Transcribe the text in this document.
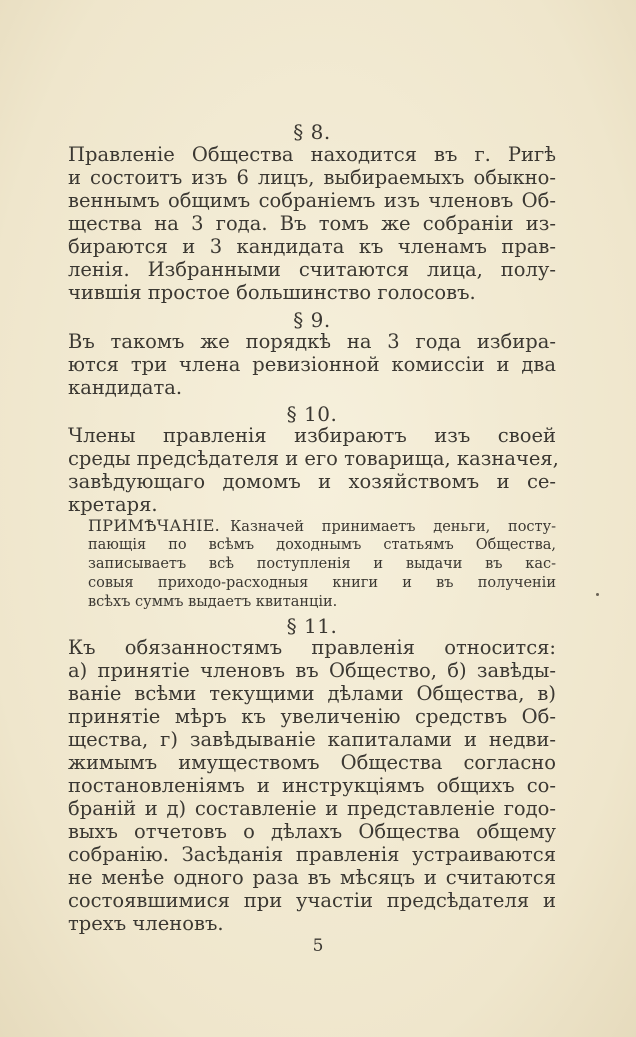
§ 8.
Правленіе Общества находится въ г. Ригѣ
и состоитъ изъ 6 лицъ, выбираемыхъ обыкно-
веннымъ общимъ собраніемъ изъ членовъ Об-
щества на 3 года. Въ томъ же собраніи из-
бираются и 3 кандидата къ членамъ прав-
ленія. Избранными считаются лица, полу-
чившія простое большинство голосовъ.
§ 9.
Въ такомъ же порядкѣ на 3 года избира-
ются три члена ревизіонной комиссіи и два
кандидата.
§ 10.
Члены правленія избираютъ изъ своей
среды предсѣдателя и его товарища, казначея,
завѣдующаго домомъ и хозяйствомъ и се-
кретаря.
ПРИМѢЧАНІЕ. Казначей принимаетъ деньги, посту-
пающія по всѣмъ доходнымъ статьямъ Общества,
записываетъ всѣ поступленія и выдачи въ кас-
совыя приходо-расходныя книги и въ полученіи
всѣхъ суммъ выдаетъ квитанціи.
§ 11.
Къ обязанностямъ правленія относится:
а) принятіе членовъ въ Общество, б) завѣды-
ваніе всѣми текущими дѣлами Общества, в)
принятіе мѣръ къ увеличенію средствъ Об-
щества, г) завѣдываніе капиталами и недви-
жимымъ имуществомъ Общества согласно
постановленіямъ и инструкціямъ общихъ со-
браній и д) составленіе и представленіе годо-
выхъ отчетовъ о дѣлахъ Общества общему
собранію. Засѣданія правленія устраиваются
не менѣе одного раза въ мѣсяцъ и считаются
состоявшимися при участіи предсѣдателя и
трехъ членовъ.
5
